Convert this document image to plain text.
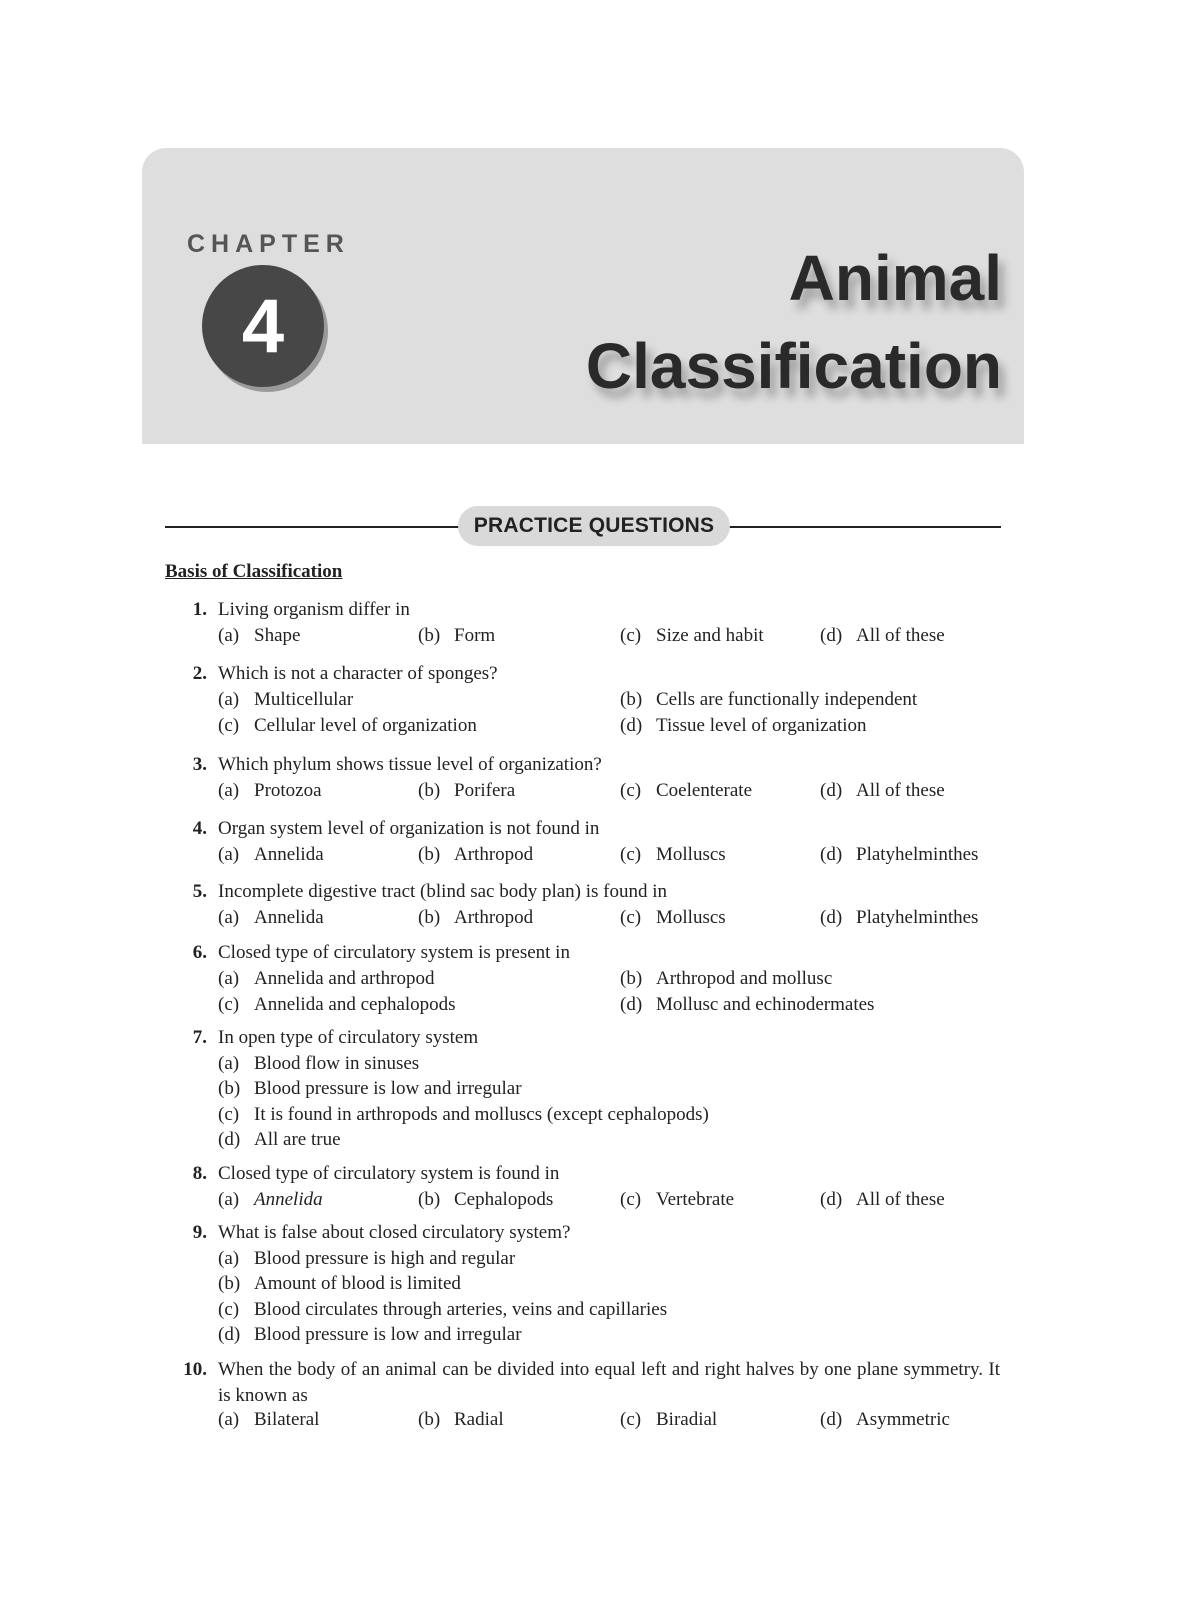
CHAPTER
4
Animal
Classification
PRACTICE QUESTIONS
Basis of Classification
1. Living organism differ in
(a) Shape	(b) Form	(c) Size and habit	(d) All of these
2. Which is not a character of sponges?
(a) Multicellular	(b) Cells are functionally independent
(c) Cellular level of organization	(d) Tissue level of organization
3. Which phylum shows tissue level of organization?
(a) Protozoa	(b) Porifera	(c) Coelenterate	(d) All of these
4. Organ system level of organization is not found in
(a) Annelida	(b) Arthropod	(c) Molluscs	(d) Platyhelminthes
5. Incomplete digestive tract (blind sac body plan) is found in
(a) Annelida	(b) Arthropod	(c) Molluscs	(d) Platyhelminthes
6. Closed type of circulatory system is present in
(a) Annelida and arthropod	(b) Arthropod and mollusc
(c) Annelida and cephalopods	(d) Mollusc and echinodermates
7. In open type of circulatory system
(a) Blood flow in sinuses
(b) Blood pressure is low and irregular
(c) It is found in arthropods and molluscs (except cephalopods)
(d) All are true
8. Closed type of circulatory system is found in
(a) Annelida	(b) Cephalopods	(c) Vertebrate	(d) All of these
9. What is false about closed circulatory system?
(a) Blood pressure is high and regular
(b) Amount of blood is limited
(c) Blood circulates through arteries, veins and capillaries
(d) Blood pressure is low and irregular
10. When the body of an animal can be divided into equal left and right halves by one plane symmetry. It is known as
(a) Bilateral	(b) Radial	(c) Biradial	(d) Asymmetric
